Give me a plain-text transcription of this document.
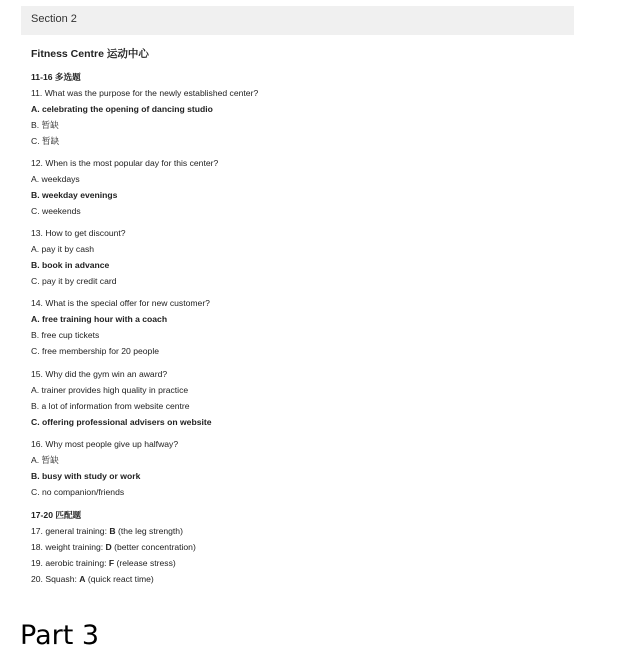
Section 2
Fitness Centre 运动中心
11-16 多选题
11. What was the purpose for the newly established center?
A. celebrating the opening of dancing studio
B. 暂缺
C. 暂缺
12. When is the most popular day for this center?
A. weekdays
B. weekday evenings
C. weekends
13. How to get discount?
A. pay it by cash
B. book in advance
C. pay it by credit card
14. What is the special offer for new customer?
A. free training hour with a coach
B. free cup tickets
C. free membership for 20 people
15. Why did the gym win an award?
A. trainer provides high quality in practice
B. a lot of information from website centre
C. offering professional advisers on website
16. Why most people give up halfway?
A. 暂缺
B. busy with study or work
C. no companion/friends
17-20 匹配题
17. general training: B (the leg strength)
18. weight training: D (better concentration)
19. aerobic training: F (release stress)
20. Squash: A (quick react time)
Part 3
